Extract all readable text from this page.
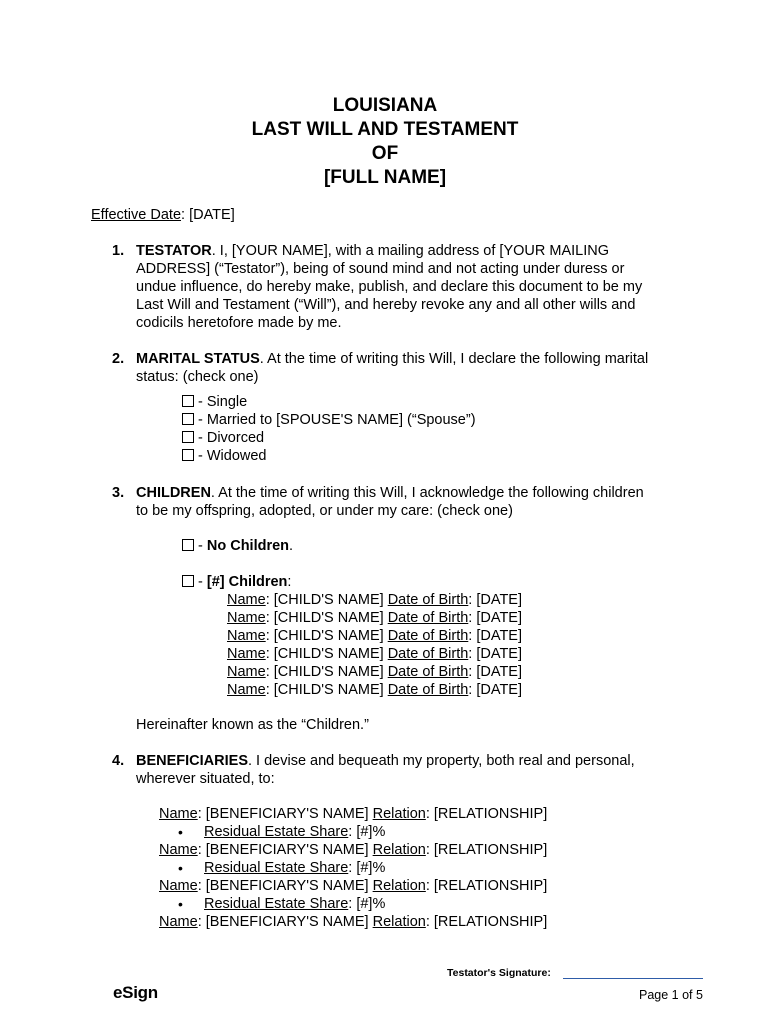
LOUISIANA
LAST WILL AND TESTAMENT
OF
[FULL NAME]
Effective Date: [DATE]
1. TESTATOR. I, [YOUR NAME], with a mailing address of [YOUR MAILING
ADDRESS] (“Testator”), being of sound mind and not acting under duress or
undue influence, do hereby make, publish, and declare this document to be my
Last Will and Testament (“Will”), and hereby revoke any and all other wills and
codicils heretofore made by me.
2. MARITAL STATUS. At the time of writing this Will, I declare the following marital
status: (check one)
- Single
- Married to [SPOUSE'S NAME] (“Spouse”)
- Divorced
- Widowed
3. CHILDREN. At the time of writing this Will, I acknowledge the following children
to be my offspring, adopted, or under my care: (check one)
- No Children.
- [#] Children:
Name: [CHILD'S NAME] Date of Birth: [DATE]
Name: [CHILD'S NAME] Date of Birth: [DATE]
Name: [CHILD'S NAME] Date of Birth: [DATE]
Name: [CHILD'S NAME] Date of Birth: [DATE]
Name: [CHILD'S NAME] Date of Birth: [DATE]
Name: [CHILD'S NAME] Date of Birth: [DATE]
Hereinafter known as the “Children.”
4. BENEFICIARIES. I devise and bequeath my property, both real and personal,
wherever situated, to:
Name: [BENEFICIARY'S NAME] Relation: [RELATIONSHIP]
• Residual Estate Share: [#]%
Name: [BENEFICIARY'S NAME] Relation: [RELATIONSHIP]
• Residual Estate Share: [#]%
Name: [BENEFICIARY'S NAME] Relation: [RELATIONSHIP]
• Residual Estate Share: [#]%
Name: [BENEFICIARY'S NAME] Relation: [RELATIONSHIP]
Testator's Signature:
eSign	Page 1 of 5
